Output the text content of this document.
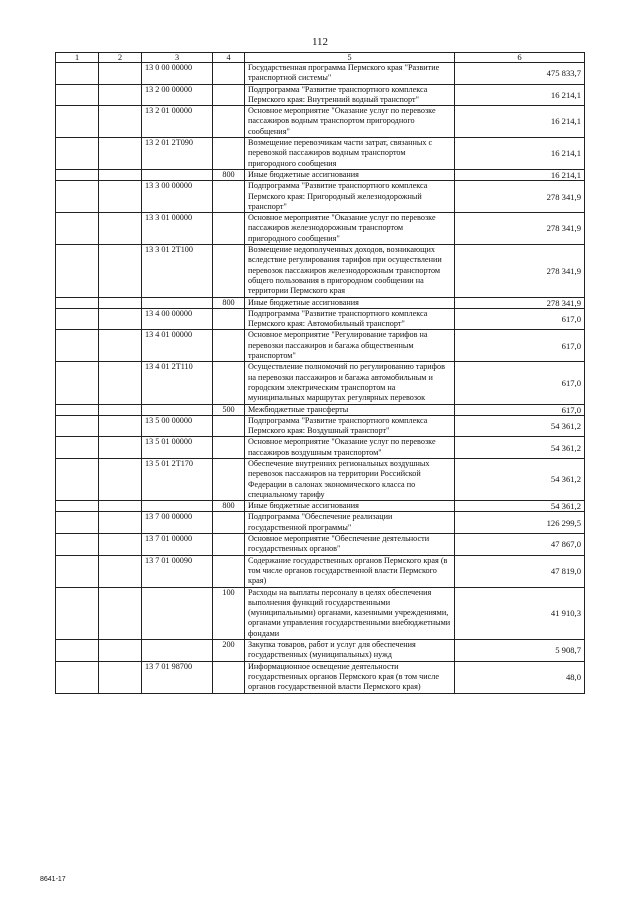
112
1	2	3	4	5	6
		13 0 00 00000		Государственная программа Пермского края "Развитие транспортной системы"	475 833,7
		13 2 00 00000		Подпрограмма "Развитие транспортного комплекса Пермского края: Внутренний водный транспорт"	16 214,1
		13 2 01 00000		Основное мероприятие "Оказание услуг по перевозке пассажиров водным транспортом пригородного сообщения"	16 214,1
		13 2 01 2Т090		Возмещение перевозчикам части затрат, связанных с перевозкой пассажиров водным транспортом пригородного сообщения	16 214,1
			800	Иные бюджетные ассигнования	16 214,1
		13 3 00 00000		Подпрограмма "Развитие транспортного комплекса Пермского края: Пригородный железнодорожный транспорт"	278 341,9
		13 3 01 00000		Основное мероприятие "Оказание услуг по перевозке пассажиров железнодорожным транспортом пригородного сообщения"	278 341,9
		13 3 01 2Т100		Возмещение недополученных доходов, возникающих вследствие регулирования тарифов при осуществлении перевозок пассажиров железнодорожным транспортом общего пользования в пригородном сообщении на территории Пермского края	278 341,9
			800	Иные бюджетные ассигнования	278 341,9
		13 4 00 00000		Подпрограмма "Развитие транспортного комплекса Пермского края: Автомобильный транспорт"	617,0
		13 4 01 00000		Основное мероприятие "Регулирование тарифов на перевозки пассажиров и багажа общественным транспортом"	617,0
		13 4 01 2Т110		Осуществление полномочий по регулированию тарифов на перевозки пассажиров и багажа автомобильным и городским электрическим транспортом на муниципальных маршрутах регулярных перевозок	617,0
			500	Межбюджетные трансферты	617,0
		13 5 00 00000		Подпрограмма "Развитие транспортного комплекса Пермского края: Воздушный транспорт"	54 361,2
		13 5 01 00000		Основное мероприятие "Оказание услуг по перевозке пассажиров воздушным транспортом"	54 361,2
		13 5 01 2Т170		Обеспечение внутренних региональных воздушных перевозок пассажиров на территории Российской Федерации в салонах экономического класса по специальному тарифу	54 361,2
			800	Иные бюджетные ассигнования	54 361,2
		13 7 00 00000		Подпрограмма "Обеспечение реализации государственной программы"	126 299,5
		13 7 01 00000		Основное мероприятие "Обеспечение деятельности государственных органов"	47 867,0
		13 7 01 00090		Содержание государственных органов Пермского края (в том числе органов государственной власти Пермского края)	47 819,0
			100	Расходы на выплаты персоналу в целях обеспечения выполнения функций государственными (муниципальными) органами, казенными учреждениями, органами управления государственными внебюджетными фондами	41 910,3
			200	Закупка товаров, работ и услуг для обеспечения государственных (муниципальных) нужд	5 908,7
		13 7 01 98700		Информационное освещение деятельности государственных органов Пермского края (в том числе органов государственной власти Пермского края)	48,0
8641-17
